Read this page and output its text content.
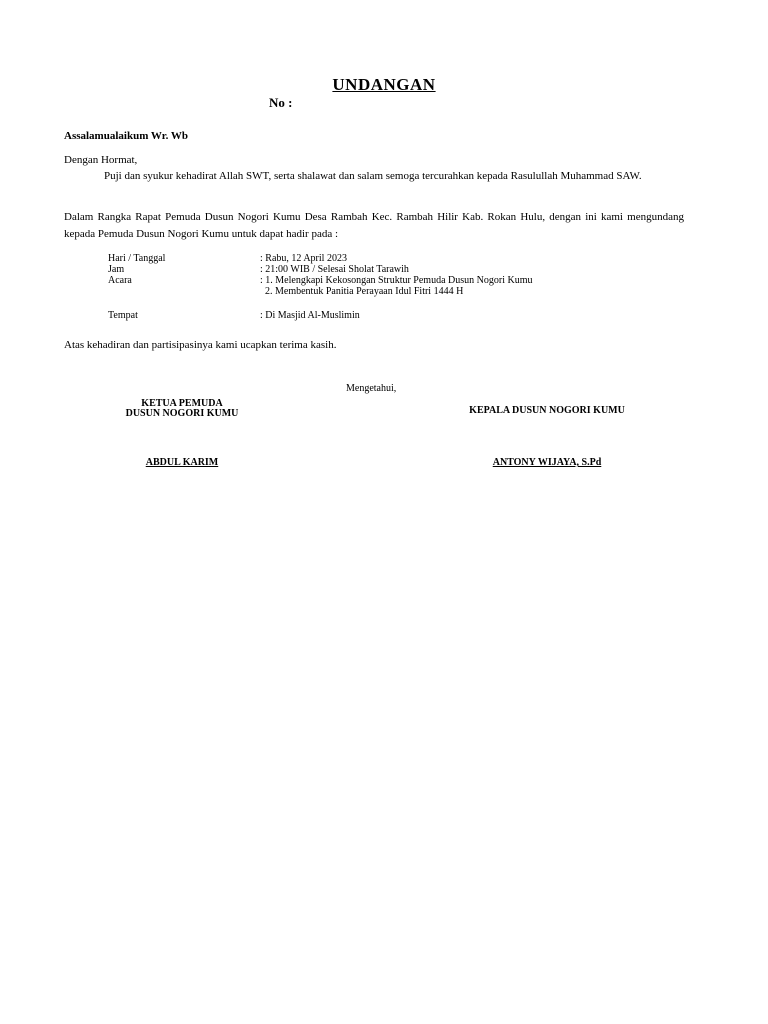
UNDANGAN
No :
Assalamualaikum Wr. Wb
Dengan Hormat,
Puji dan syukur kehadirat Allah SWT, serta shalawat dan salam semoga tercurahkan kepada Rasulullah Muhammad SAW.
Dalam Rangka Rapat Pemuda Dusun Nogori Kumu Desa Rambah Kec. Rambah Hilir Kab. Rokan Hulu, dengan ini kami mengundang kepada Pemuda Dusun Nogori Kumu untuk dapat hadir pada :
Hari / Tanggal	: Rabu, 12 April 2023
Jam	: 21:00 WIB / Selesai Sholat Tarawih
Acara	: 1. Melengkapi Kekosongan Struktur Pemuda Dusun Nogori Kumu
2. Membentuk Panitia Perayaan Idul Fitri 1444 H
Tempat	: Di Masjid Al-Muslimin
Atas kehadiran dan partisipasinya kami ucapkan terima kasih.
Mengetahui,
KETUA PEMUDA
DUSUN NOGORI KUMU	KEPALA DUSUN NOGORI KUMU
ABDUL KARIM	ANTONY WIJAYA, S.Pd
